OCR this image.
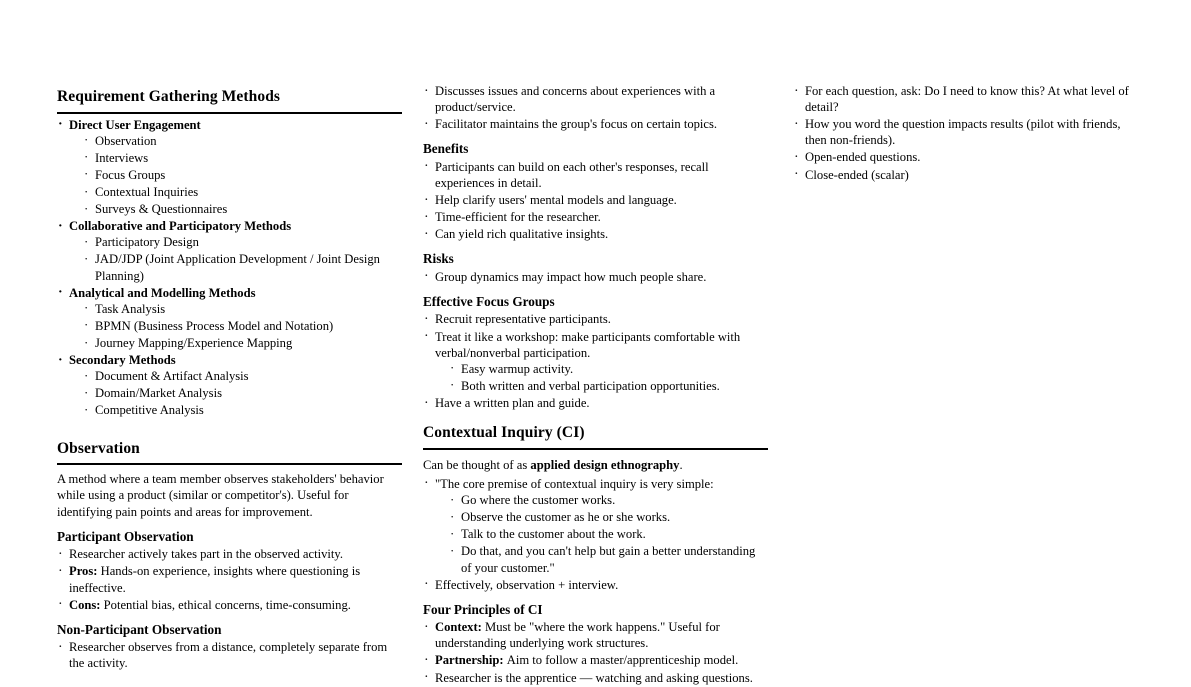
Requirement Gathering Methods
· Direct User Engagement
· Observation
· Interviews
· Focus Groups
· Contextual Inquiries
· Surveys & Questionnaires
· Collaborative and Participatory Methods
· Participatory Design
· JAD/JDP (Joint Application Development / Joint Design Planning)
· Analytical and Modelling Methods
· Task Analysis
· BPMN (Business Process Model and Notation)
· Journey Mapping/Experience Mapping
· Secondary Methods
· Document & Artifact Analysis
· Domain/Market Analysis
· Competitive Analysis
Observation

A method where a team member observes stakeholders' behavior while using a product (similar or competitor's). Useful for identifying pain points and areas for improvement.

Participant Observation
· Researcher actively takes part in the observed activity.
· Pros: Hands-on experience, insights where questioning is ineffective.
· Cons: Potential bias, ethical concerns, time-consuming.
Non-Participant Observation
· Researcher observes from a distance, completely separate from the activity.
· Discusses issues and concerns about experiences with a product/service.
· Facilitator maintains the group's focus on certain topics.
Benefits
· Participants can build on each other's responses, recall experiences in detail.
· Help clarify users' mental models and language.
· Time-efficient for the researcher.
· Can yield rich qualitative insights.
Risks
· Group dynamics may impact how much people share.
Effective Focus Groups
· Recruit representative participants.
· Treat it like a workshop: make participants comfortable with verbal/nonverbal participation.
· Easy warmup activity.
· Both written and verbal participation opportunities.
· Have a written plan and guide.
Contextual Inquiry (CI)

Can be thought of as applied design ethnography.

· "The core premise of contextual inquiry is very simple:
· Go where the customer works.
· Observe the customer as he or she works.
· Talk to the customer about the work.
· Do that, and you can't help but gain a better understanding of your customer."
· Effectively, observation + interview.
Four Principles of CI
· Context: Must be "where the work happens." Useful for understanding underlying work structures.
· Partnership: Aim to follow a master/apprenticeship model.
· Researcher is the apprentice — watching and asking questions.
· For each question, ask: Do I need to know this? At what level of detail?
· How you word the question impacts results (pilot with friends, then non-friends).
· Open-ended questions.
· Close-ended (scalar)
